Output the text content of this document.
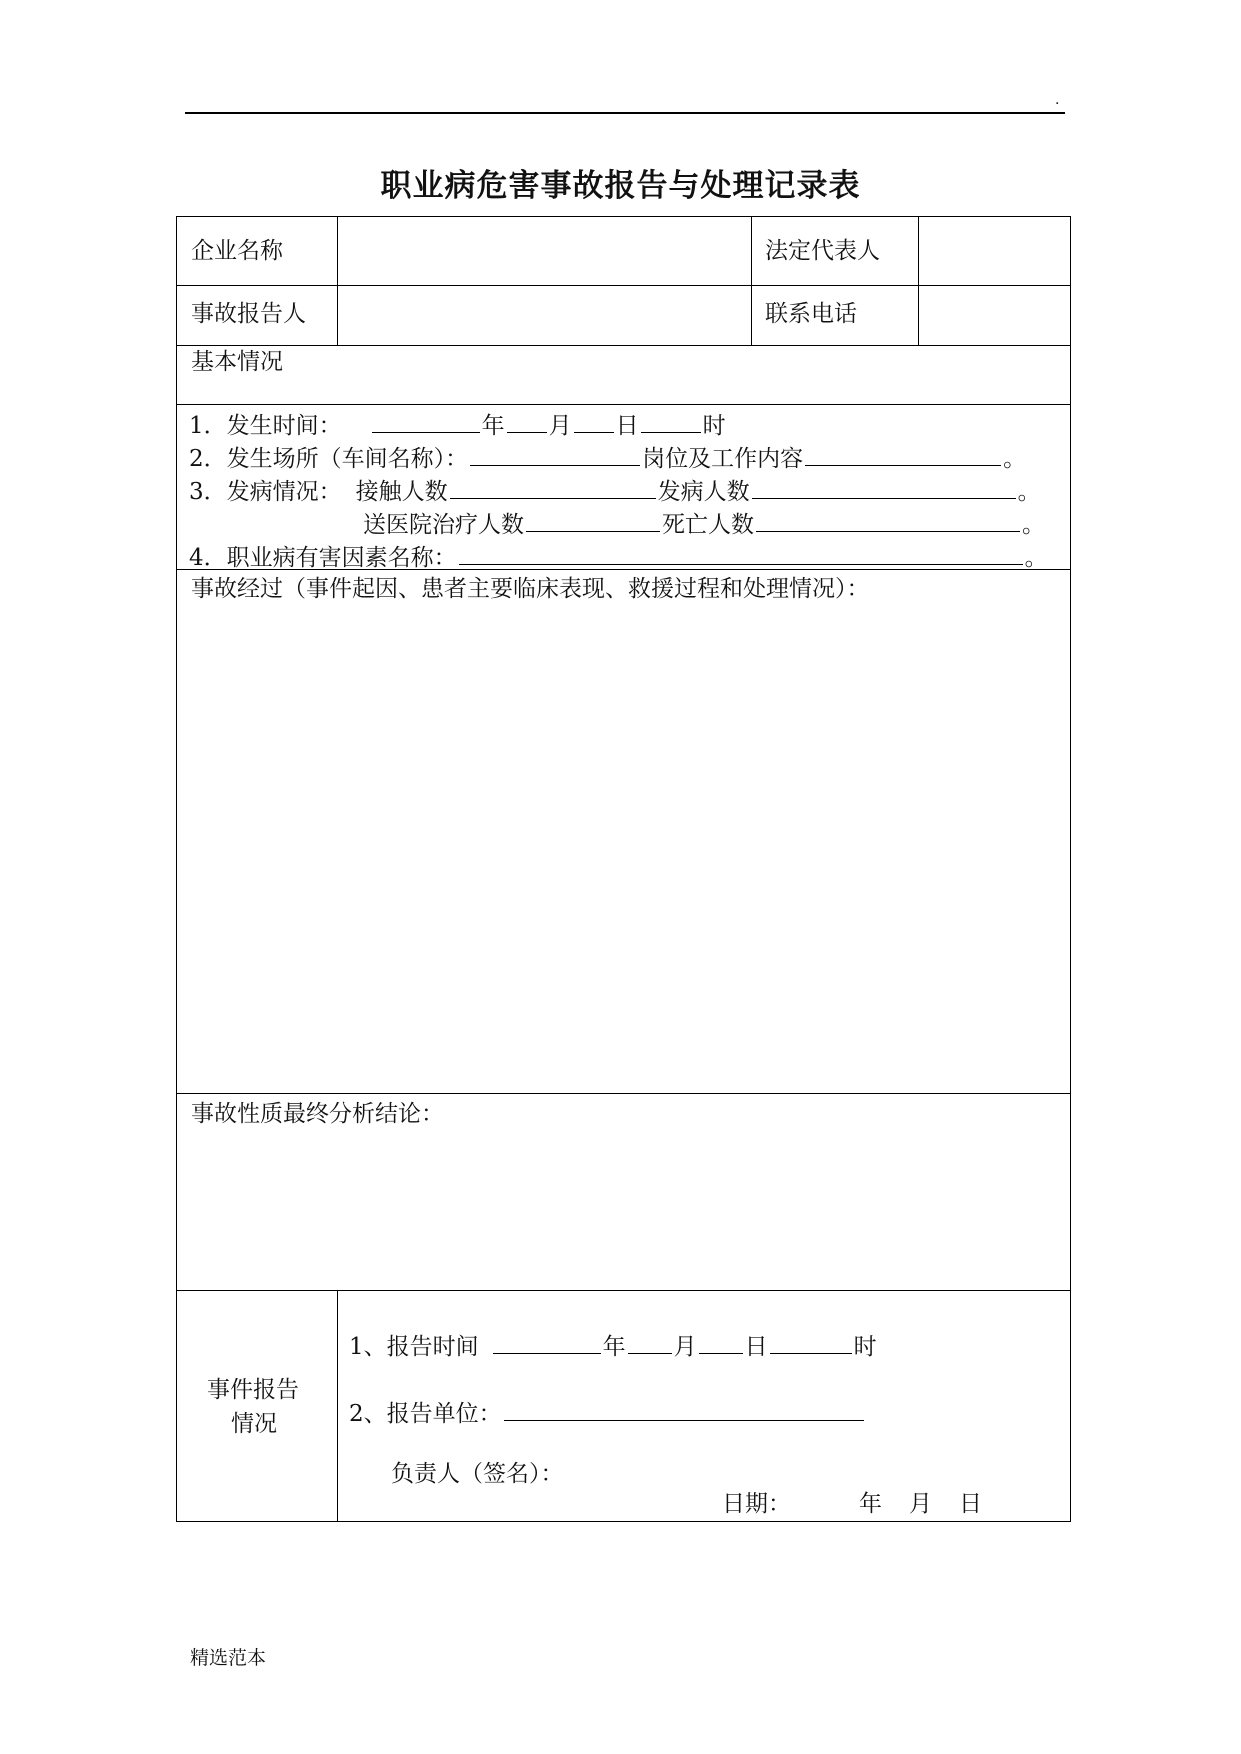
.
职业病危害事故报告与处理记录表
企业名称	法定代表人
事故报告人	联系电话
基本情况
1．发生时间：	年 月 日	时
2．发生场所（车间名称）：	岗位及工作内容	。
3．发病情况： 接触人数	发病人数	。
送医院治疗人数	死亡人数	。
4．职业病有害因素名称：	。
事故经过（事件起因、患者主要临床表现、救援过程和处理情况）：
事故性质最终分析结论：
事件报告
情况
1、报告时间	年 月 日	时
2、报告单位：
负责人（签名）：
日期：	年 月 日
精选范本
